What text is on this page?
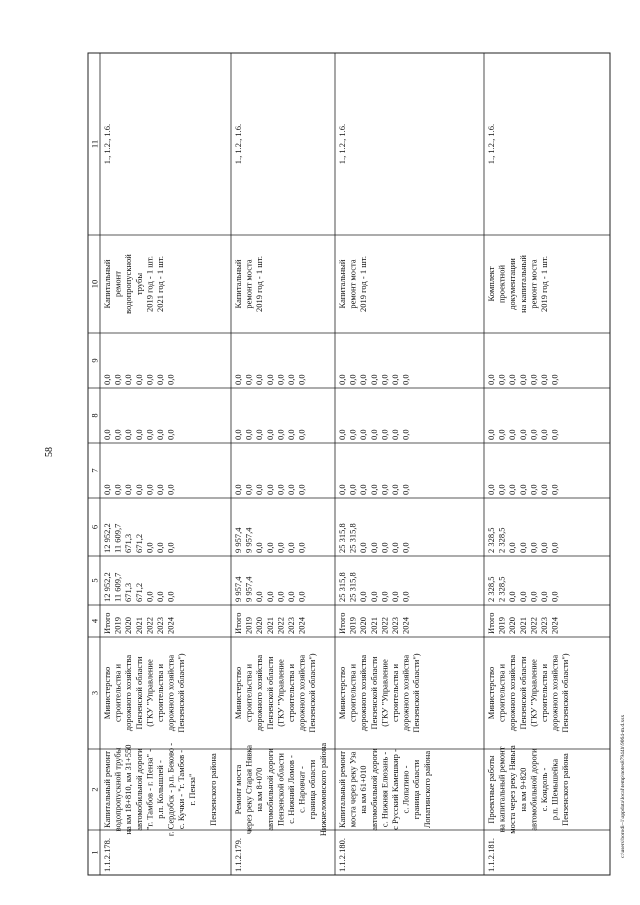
58
c:\users\borodi~1\appdata\local\temp\notes87944b\9064-m.d.xsx
1
2
3
4
5
6
7
8
9
10
11
1.1.2.178.
Капитальный ремонт водопропускной трубы на км 18+810, км 31+550 автомобильной дороги "г. Тамбов - г. Пенза" - р.п. Колышлей - г. Сердобск - р.п. Беково - с. Кучки - "г. Тамбов - г. Пенза" Пензенского района
Министерство строительства и дорожного хозяйства Пензенской области (ГКУ "Управление строительства и дорожного хозяйства Пензенской области")
Итого
12 952,2
12 952,2
0,0
0,0
0,0
2019
11 609,7
11 609,7
0,0
0,0
0,0
2020
671,3
671,3
0,0
0,0
0,0
2021
671,2
671,2
0,0
0,0
0,0
2022
0,0
0,0
0,0
0,0
0,0
2023
0,0
0,0
0,0
0,0
0,0
2024
0,0
0,0
0,0
0,0
0,0
Капитальный ремонт водопропускной трубы 2019 год - 1 шт. 2021 год - 1 шт.
1., 1.2., 1.6.
1.1.2.179.
Ремонт моста через реку Старая Нявка на км 8+070 автомобильной дороги Пензенской области с. Нижний Ломов - с. Наровчат - граница области Нижнеломовского района
Министерство строительства и дорожного хозяйства Пензенской области (ГКУ "Управление строительства и дорожного хозяйства Пензенской области")
Итого
9 957,4
9 957,4
0,0
0,0
0,0
2019
9 957,4
9 957,4
0,0
0,0
0,0
2020
0,0
0,0
0,0
0,0
0,0
2021
0,0
0,0
0,0
0,0
0,0
2022
0,0
0,0
0,0
0,0
0,0
2023
0,0
0,0
0,0
0,0
0,0
2024
0,0
0,0
0,0
0,0
0,0
Капитальный ремонт моста 2019 год - 1 шт.
1., 1.2., 1.6.
1.1.2.180.
Капитальный ремонт моста через реку Уза на км 61+010 автомобильной дороги с. Нижняя Елюзань - с Русский Камешкир - с. Лопатино - граница области Лопатинского района
Министерство строительства и дорожного хозяйства Пензенской области (ГКУ "Управление строительства и дорожного хозяйства Пензенской области")
Итого
25 315,8
25 315,8
0,0
0,0
0,0
2019
25 315,8
25 315,8
0,0
0,0
0,0
2020
0,0
0,0
0,0
0,0
0,0
2021
0,0
0,0
0,0
0,0
0,0
2022
0,0
0,0
0,0
0,0
0,0
2023
0,0
0,0
0,0
0,0
0,0
2024
0,0
0,0
0,0
0,0
0,0
Капитальный ремонт моста 2019 год - 1 шт.
1., 1.2., 1.6.
1.1.2.181.
Проектные работы на капитальный ремонт моста через реку Нявьга на км 9+820 автомобильной дороги с. Кондоль - р.п. Шемышейка Пензенского района
Министерство строительства и дорожного хозяйства Пензенской области (ГКУ "Управление строительства и дорожного хозяйства Пензенской области")
Итого
2 328,5
2 328,5
0,0
0,0
0,0
2019
2 328,5
2 328,5
0,0
0,0
0,0
2020
0,0
0,0
0,0
0,0
0,0
2021
0,0
0,0
0,0
0,0
0,0
2022
0,0
0,0
0,0
0,0
0,0
2023
0,0
0,0
0,0
0,0
0,0
2024
0,0
0,0
0,0
0,0
0,0
Комплект проектной документации на капитальный ремонт моста 2019 год - 1 шт.
1., 1.2., 1.6.
